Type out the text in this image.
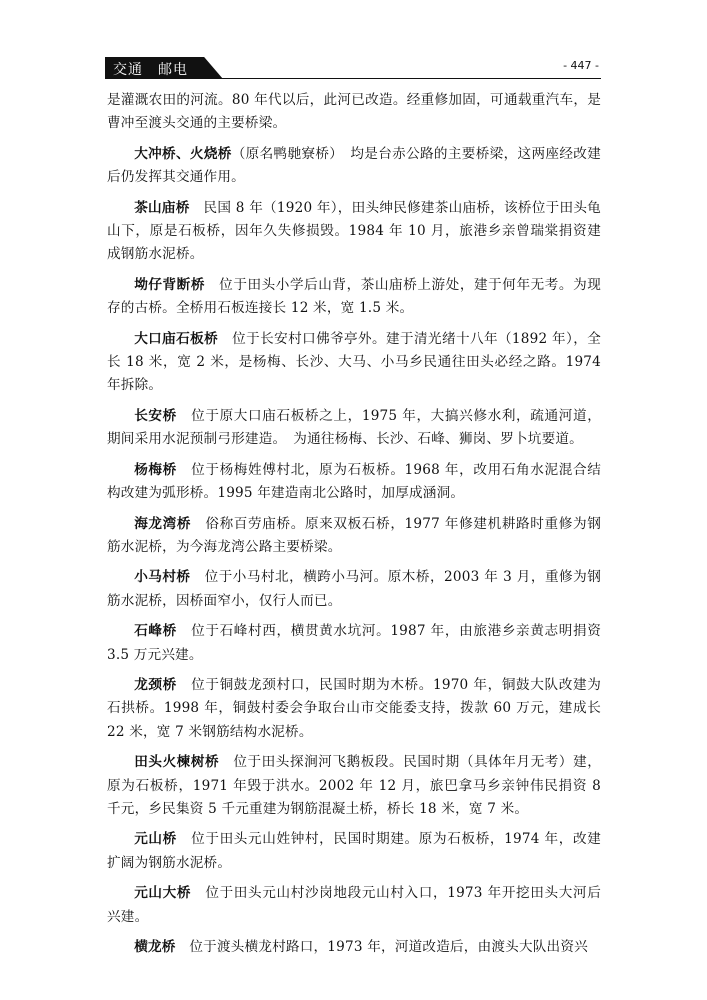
交通　邮电	- 447 -

是灌溉农田的河流。80 年代以后，此河已改造。经重修加固，可通载重汽车，是曹冲至渡头交通的主要桥梁。

大冲桥、火烧桥（原名鸭毑寮桥）　均是台赤公路的主要桥梁，这两座经改建后仍发挥其交通作用。

茶山庙桥　 民国 8 年（1920 年），田头绅民修建茶山庙桥，该桥位于田头龟山下，原是石板桥，因年久失修损毁。1984 年 10 月，旅港乡亲曾瑞棠捐资建成钢筋水泥桥。

坳仔背断桥　 位于田头小学后山背，茶山庙桥上游处，建于何年无考。为现存的古桥。全桥用石板连接长 12 米，宽 1.5 米。

大口庙石板桥　 位于长安村口佛爷亭外。建于清光绪十八年（1892 年），全长 18 米，宽 2 米，是杨梅、长沙、大马、小马乡民通往田头必经之路。1974 年拆除。

长安桥　 位于原大口庙石板桥之上，1975 年，大搞兴修水利，疏通河道，期间采用水泥预制弓形建造。　为通往杨梅、长沙、石峰、狮岗、罗卜坑要道。

杨梅桥　 位于杨梅姓傅村北，原为石板桥。1968 年，改用石角水泥混合结构改建为弧形桥。1995 年建造南北公路时，加厚成涵洞。

海龙湾桥　 俗称百劳庙桥。原来双板石桥，1977 年修建机耕路时重修为钢筋水泥桥，为今海龙湾公路主要桥梁。

小马村桥　 位于小马村北，横跨小马河。原木桥，2003 年 3 月，重修为钢筋水泥桥，因桥面窄小，仅行人而已。

石峰桥　 位于石峰村西，横贯黄水坑河。1987 年，由旅港乡亲黄志明捐资 3.5 万元兴建。

龙颈桥　 位于铜鼓龙颈村口，民国时期为木桥。1970 年，铜鼓大队改建为石拱桥。1998 年，铜鼓村委会争取台山市交能委支持，拨款 60 万元，建成长 22 米，宽 7 米钢筋结构水泥桥。

田头火楝树桥　 位于田头探涧河飞鹅板段。民国时期（具体年月无考）建，原为石板桥，1971 年毁于洪水。2002 年 12 月，旅巴拿马乡亲钟伟民捐资 8 千元，乡民集资 5 千元重建为钢筋混凝土桥，桥长 18 米，宽 7 米。

元山桥　 位于田头元山姓钟村，民国时期建。原为石板桥，1974 年，改建扩阔为钢筋水泥桥。

元山大桥　 位于田头元山村沙岗地段元山村入口，1973 年开挖田头大河后兴建。

横龙桥　 位于渡头横龙村路口，1973 年，河道改造后，由渡头大队出资兴
